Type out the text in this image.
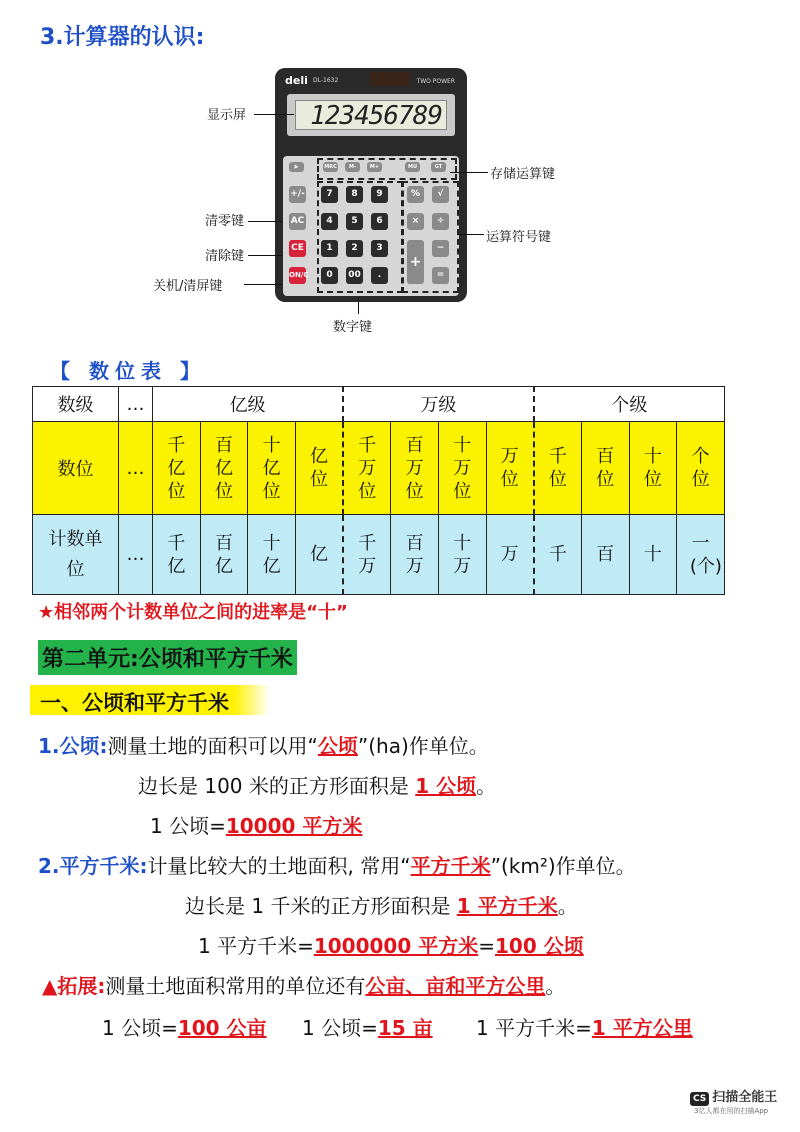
3.计算器的认识:
deli DL-1632	TWO POWER
123456789
MRC	M-	M+	MU	GT
▶
+/-
AC
CE
ON/C
7	8	9
4	5	6
1	2	3
0	00	.
%	√
×	÷
+
−
=
显示屏
存储运算键
清零键
运算符号键
清除键
关机/清屏键
数字键
【 数位表 】
数级	…	亿级				万级				个级			
数位	…	千亿位	百亿位	十亿位	亿位	千万位	百万位	十万位	万位	千位	百位	十位	个位
计数单位	…	千亿	百亿	十亿	亿	千万	百万	十万	万	千	百	十	一(个)
★相邻两个计数单位之间的进率是“十”
第二单元:公顷和平方千米
一、公顷和平方千米
1.公顷:测量土地的面积可以用“公顷”(ha)作单位。
边长是 100 米的正方形面积是 1 公顷。
1 公顷=10000 平方米
2.平方千米:计量比较大的土地面积, 常用“平方千米”(km²)作单位。
边长是 1 千米的正方形面积是 1 平方千米。
1 平方千米=1000000 平方米=100 公顷
▲拓展:测量土地面积常用的单位还有公亩、亩和平方公里。
1 公顷=100 公亩 1 公顷=15 亩 1 平方千米=1 平方公里
CS 扫描全能王
3亿人都在用的扫描App
